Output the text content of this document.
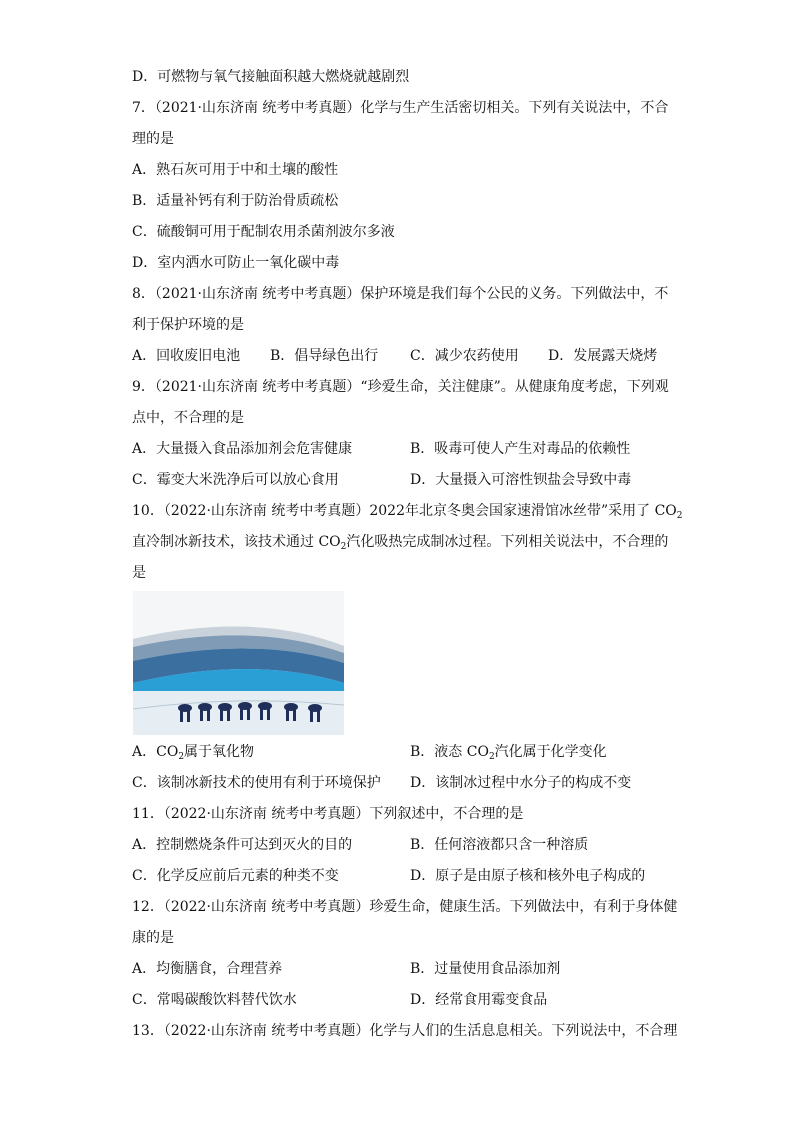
D．可燃物与氧气接触面积越大燃烧就越剧烈
7．（2021·山东济南 统考中考真题）化学与生产生活密切相关。下列有关说法中，不合
理的是
A．熟石灰可用于中和土壤的酸性
B．适量补钙有利于防治骨质疏松
C．硫酸铜可用于配制农用杀菌剂波尔多液
D．室内洒水可防止一氧化碳中毒
8．（2021·山东济南 统考中考真题）保护环境是我们每个公民的义务。下列做法中，不
利于保护环境的是
A．回收废旧电池 B．倡导绿色出行 C．减少农药使用 D．发展露天烧烤
9．（2021·山东济南 统考中考真题）“珍爱生命，关注健康”。从健康角度考虑，下列观
点中，不合理的是
A．大量摄入食品添加剂会危害健康	B．吸毒可使人产生对毒品的依赖性
C．霉变大米洗净后可以放心食用	D．大量摄入可溶性钡盐会导致中毒
10．（2022·山东济南 统考中考真题）2022年北京冬奥会国家速滑馆冰丝带”采用了 $CO_2$
直冷制冰新技术，该技术通过 $CO_2$汽化吸热完成制冰过程。下列相关说法中，不合理的
是
A．$CO_2$属于氧化物	B．液态 $CO_2$汽化属于化学变化
C．该制冰新技术的使用有利于环境保护 D．该制冰过程中水分子的构成不变
11．（2022·山东济南 统考中考真题）下列叙述中，不合理的是
A．控制燃烧条件可达到灭火的目的	B．任何溶液都只含一种溶质
C．化学反应前后元素的种类不变	D．原子是由原子核和核外电子构成的
12．（2022·山东济南 统考中考真题）珍爱生命，健康生活。下列做法中，有利于身体健
康的是
A．均衡膳食，合理营养	B．过量使用食品添加剂
C．常喝碳酸饮料替代饮水	D．经常食用霉变食品
13．（2022·山东济南 统考中考真题）化学与人们的生活息息相关。下列说法中，不合理
